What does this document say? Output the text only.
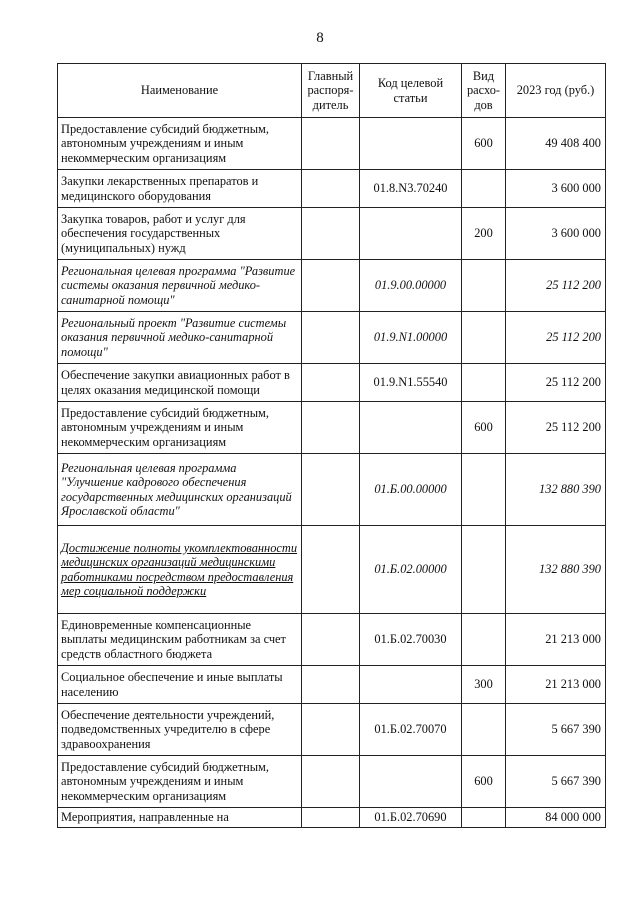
8
Наименование	Главный распоря-дитель	Код целевой статьи	Вид расхо-дов	2023 год (руб.)
Предоставление субсидий бюджетным, автономным учреждениям и иным некоммерческим организациям			600	49 408 400
Закупки лекарственных препаратов и медицинского оборудования		01.8.N3.70240		3 600 000
Закупка товаров, работ и услуг для обеспечения государственных (муниципальных) нужд			200	3 600 000
Региональная целевая программа "Развитие системы оказания первичной медико-санитарной помощи"		01.9.00.00000		25 112 200
Региональный проект "Развитие системы оказания первичной медико-санитарной помощи"		01.9.N1.00000		25 112 200
Обеспечение закупки авиационных работ в целях оказания медицинской помощи		01.9.N1.55540		25 112 200
Предоставление субсидий бюджетным, автономным учреждениям и иным некоммерческим организациям			600	25 112 200
Региональная целевая программа "Улучшение кадрового обеспечения государственных медицинских организаций Ярославской области"		01.Б.00.00000		132 880 390
Достижение полноты укомплектованности медицинских организаций медицинскими работниками посредством предоставления мер социальной поддержки		01.Б.02.00000		132 880 390
Единовременные компенсационные выплаты медицинским работникам за счет средств областного бюджета		01.Б.02.70030		21 213 000
Социальное обеспечение и иные выплаты населению			300	21 213 000
Обеспечение деятельности учреждений, подведомственных учредителю в сфере здравоохранения		01.Б.02.70070		5 667 390
Предоставление субсидий бюджетным, автономным учреждениям и иным некоммерческим организациям			600	5 667 390
Мероприятия, направленные на		01.Б.02.70690		84 000 000
